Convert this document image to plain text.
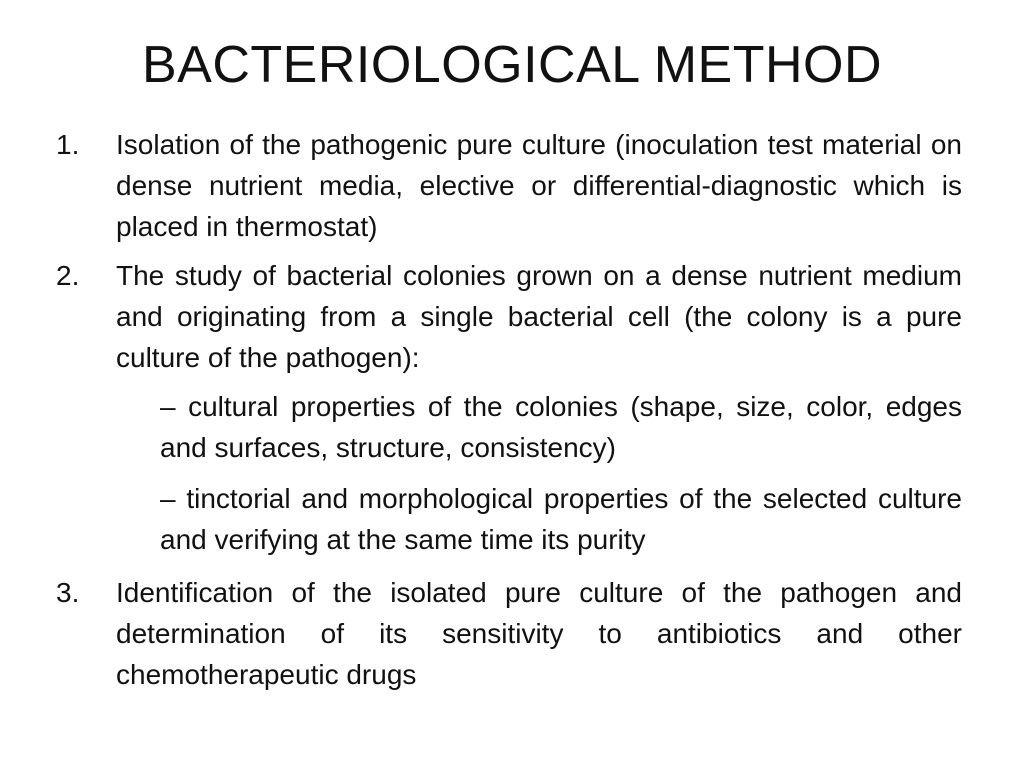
BACTERIOLOGICAL METHOD
1.	Isolation of the pathogenic pure culture (inoculation test material on dense nutrient media, elective or differential-diagnostic which is placed in thermostat)
2.	The study of bacterial colonies grown on a dense nutrient medium and originating from a single bacterial cell (the colony is a pure culture of the pathogen):
– cultural properties of the colonies (shape, size, color, edges and surfaces, structure, consistency)
– tinctorial and morphological properties of the selected culture and verifying at the same time its purity
3.	Identification of the isolated pure culture of the pathogen and determination of its sensitivity to antibiotics and other chemotherapeutic drugs
